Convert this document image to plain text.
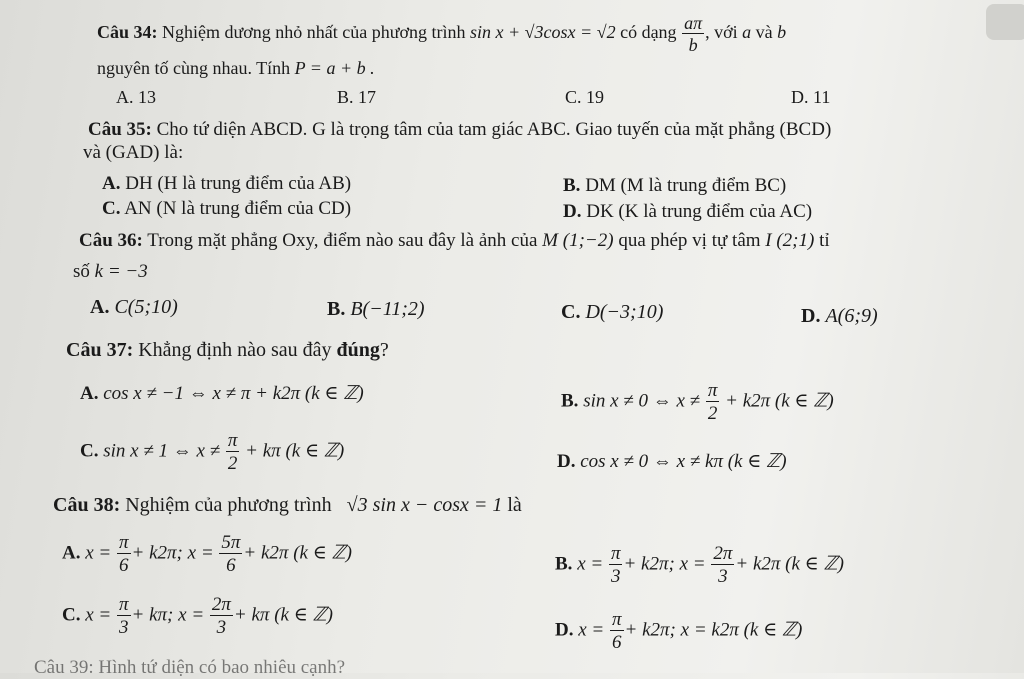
Câu 34: Nghiệm dương nhỏ nhất của phương trình sin x + √3cosx = √2 có dạng $\frac{a\pi}{b}$ , với a và b
nguyên tố cùng nhau. Tính P = a + b .
A. 13	B. 17	C. 19	D. 11
Câu 35: Cho tứ diện ABCD. G là trọng tâm của tam giác ABC. Giao tuyến của mặt phẳng (BCD)
và (GAD) là:
A. DH (H là trung điểm của AB)	B. DM (M là trung điểm BC)
C. AN (N là trung điểm của CD)	D. DK (K là trung điểm của AC)
Câu 36: Trong mặt phẳng Oxy, điểm nào sau đây là ảnh của M (1;−2) qua phép vị tự tâm I (2;1) tỉ
số k = −3
A. C(5;10)	B. B(−11;2)	C. D(−3;10)	D. A(6;9)
Câu 37: Khẳng định nào sau đây đúng?
A. cos x ≠ −1 ⇔ x ≠ π + k2π (k ∈ ℤ)	B. sin x ≠ 0 ⇔ $x \ne \frac{\pi}{2} + k2\pi$ (k ∈ ℤ)
C. sin x ≠ 1 ⇔ $x \ne \frac{\pi}{2} + k\pi$ (k ∈ ℤ)
D. cos x ≠ 0 ⇔ x ≠ kπ (k ∈ ℤ)
Câu 38: Nghiệm của phương trình √3 sin x − cosx = 1 là
A. $x = \frac{\pi}{6} + k2\pi$; $x = \frac{5\pi}{6} + k2\pi$ (k ∈ ℤ)
B. $x = \frac{\pi}{3} + k2\pi$; $x = \frac{2\pi}{3} + k2\pi$ (k ∈ ℤ)
C. $x = \frac{\pi}{3} + k\pi$; $x = \frac{2\pi}{3} + k\pi$ (k ∈ ℤ)
D. $x = \frac{\pi}{6} + k2\pi$; x = k2π (k ∈ ℤ)
Câu 39: Hình tứ diện có bao nhiêu cạnh?
